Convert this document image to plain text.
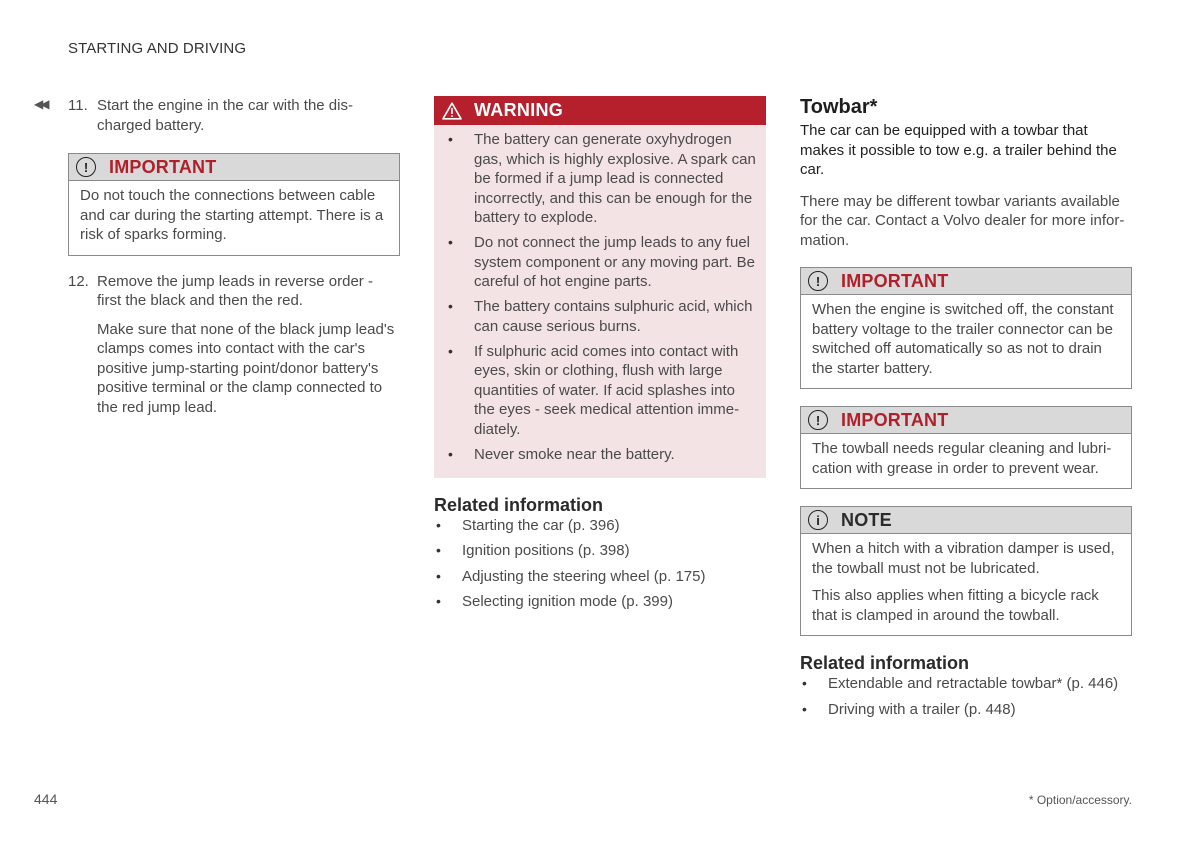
STARTING AND DRIVING
◀◀ 11. Start the engine in the car with the dis-charged battery.

!	IMPORTANT

Do not touch the connections between cable and car during the starting attempt. There is a risk of sparks forming.

12. Remove the jump leads in reverse order - first the black and then the red.

Make sure that none of the black jump lead's clamps comes into contact with the car's positive jump-starting point/donor battery's positive terminal or the clamp connected to the red jump lead.

WARNING
• The battery can generate oxyhydrogen gas, which is highly explosive. A spark can be formed if a jump lead is connected incorrectly, and this can be enough for the battery to explode.
• Do not connect the jump leads to any fuel system component or any moving part. Be careful of hot engine parts.
• The battery contains sulphuric acid, which can cause serious burns.
• If sulphuric acid comes into contact with eyes, skin or clothing, flush with large quantities of water. If acid splashes into the eyes - seek medical attention imme-diately.
• Never smoke near the battery.
Related information
• Starting the car (p. 396)
• Ignition positions (p. 398)
• Adjusting the steering wheel (p. 175)
• Selecting ignition mode (p. 399)
Towbar*

The car can be equipped with a towbar that makes it possible to tow e.g. a trailer behind the car.

There may be different towbar variants available for the car. Contact a Volvo dealer for more infor-mation.

!	IMPORTANT

When the engine is switched off, the constant battery voltage to the trailer connector can be switched off automatically so as not to drain the starter battery.

!	IMPORTANT

The towball needs regular cleaning and lubri-cation with grease in order to prevent wear.

i	NOTE

When a hitch with a vibration damper is used, the towball must not be lubricated.

This also applies when fitting a bicycle rack that is clamped in around the towball.

Related information
• Extendable and retractable towbar* (p. 446)
• Driving with a trailer (p. 448)
444	* Option/accessory.
